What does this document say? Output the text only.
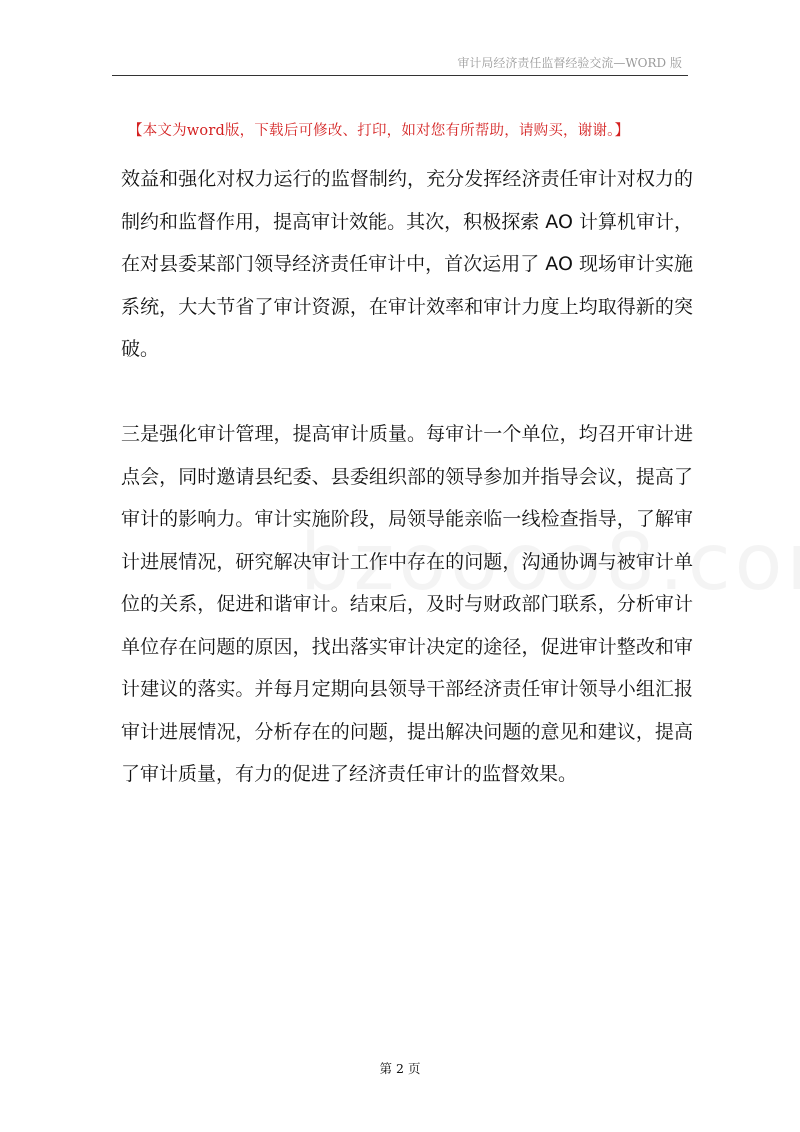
审计局经济责任监督经验交流—WORD 版
【本文为word版，下载后可修改、打印，如对您有所帮助，请购买，谢谢。】
效益和强化对权力运行的监督制约，充分发挥经济责任审计对权力的
制约和监督作用，提高审计效能。其次，积极探索 AO 计算机审计，
在对县委某部门领导经济责任审计中，首次运用了 AO 现场审计实施
系统，大大节省了审计资源，在审计效率和审计力度上均取得新的突
破。
三是强化审计管理，提高审计质量。每审计一个单位，均召开审计进
点会，同时邀请县纪委、县委组织部的领导参加并指导会议，提高了
审计的影响力。审计实施阶段，局领导能亲临一线检查指导，了解审
计进展情况，研究解决审计工作中存在的问题，沟通协调与被审计单
位的关系，促进和谐审计。结束后，及时与财政部门联系，分析审计
单位存在问题的原因，找出落实审计决定的途径，促进审计整改和审
计建议的落实。并每月定期向县领导干部经济责任审计领导小组汇报
审计进展情况，分析存在的问题，提出解决问题的意见和建议，提高
了审计质量，有力的促进了经济责任审计的监督效果。
第 2 页
